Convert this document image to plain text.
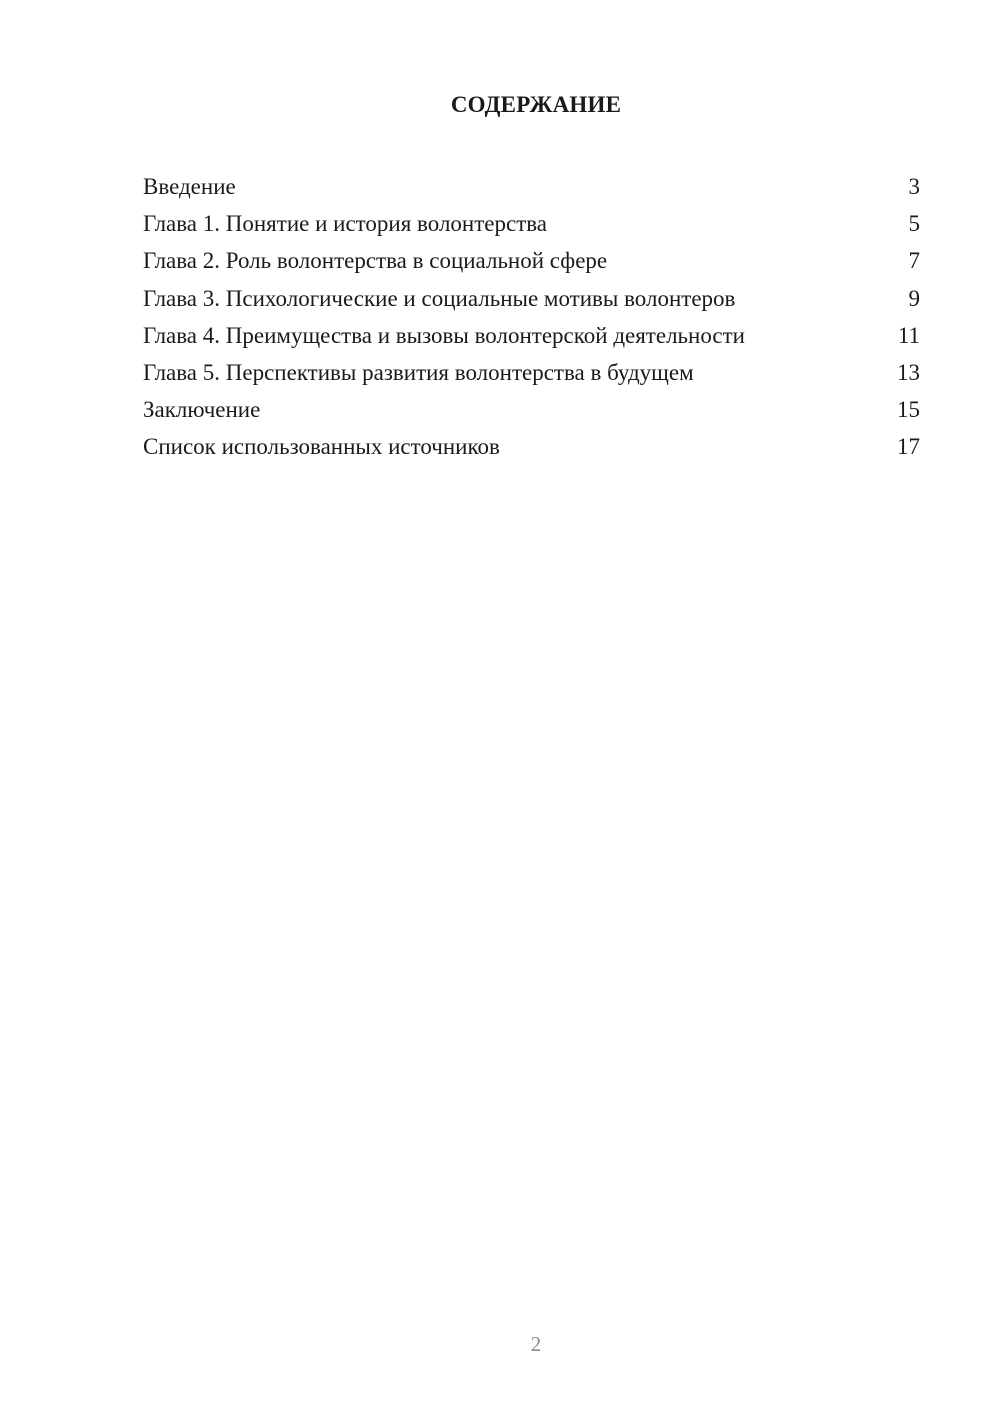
СОДЕРЖАНИЕ
Введение	3
Глава 1. Понятие и история волонтерства	5
Глава 2. Роль волонтерства в социальной сфере	7
Глава 3. Психологические и социальные мотивы волонтеров	9
Глава 4. Преимущества и вызовы волонтерской деятельности	11
Глава 5. Перспективы развития волонтерства в будущем	13
Заключение	15
Список использованных источников	17
2
